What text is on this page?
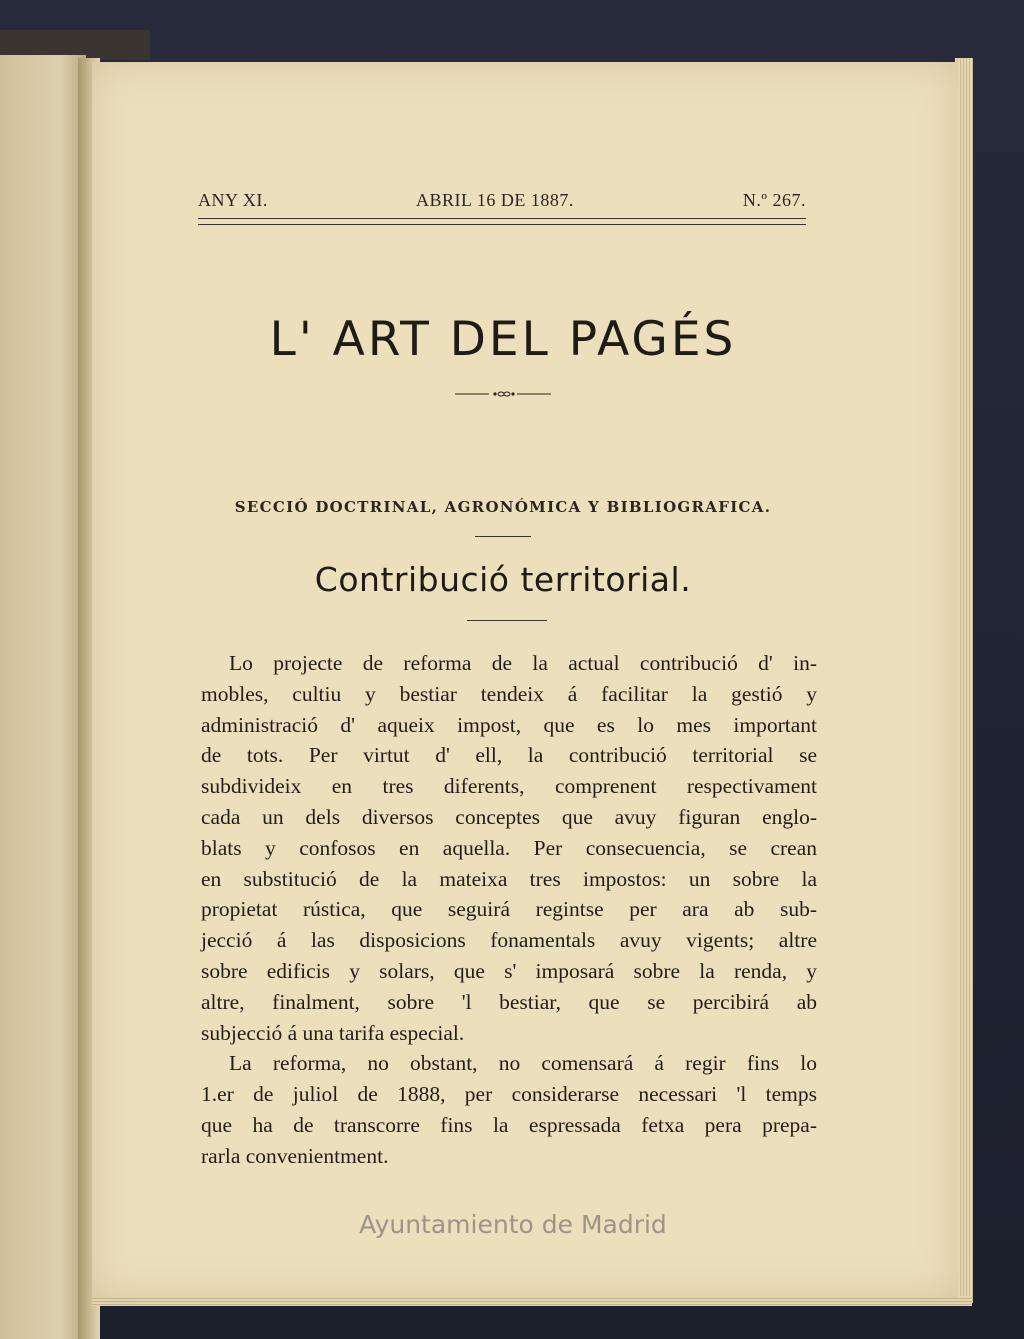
ANY XI.	ABRIL 16 DE 1887.	N.º 267.
L' ART DEL PAGÉS
SECCIÓ DOCTRINAL, AGRONÓMICA Y BIBLIOGRAFICA.
Contribució territorial.
Lo projecte de reforma de la actual contribució d' in-
mobles, cultiu y bestiar tendeix á facilitar la gestió y
administració d' aqueix impost, que es lo mes important
de tots. Per virtut d' ell, la contribució territorial se
subdivideix en tres diferents, comprenent respectivament
cada un dels diversos conceptes que avuy figuran englo-
blats y confosos en aquella. Per consecuencia, se crean
en substitució de la mateixa tres impostos: un sobre la
propietat rústica, que seguirá regintse per ara ab sub-
jecció á las disposicions fonamentals avuy vigents; altre
sobre edificis y solars, que s' imposará sobre la renda, y
altre, finalment, sobre 'l bestiar, que se percibirá ab
subjecció á una tarifa especial.
La reforma, no obstant, no comensará á regir fins lo
1.er de juliol de 1888, per considerarse necessari 'l temps
que ha de transcorre fins la espressada fetxa pera prepa-
rarla convenientment.
Ayuntamiento de Madrid
